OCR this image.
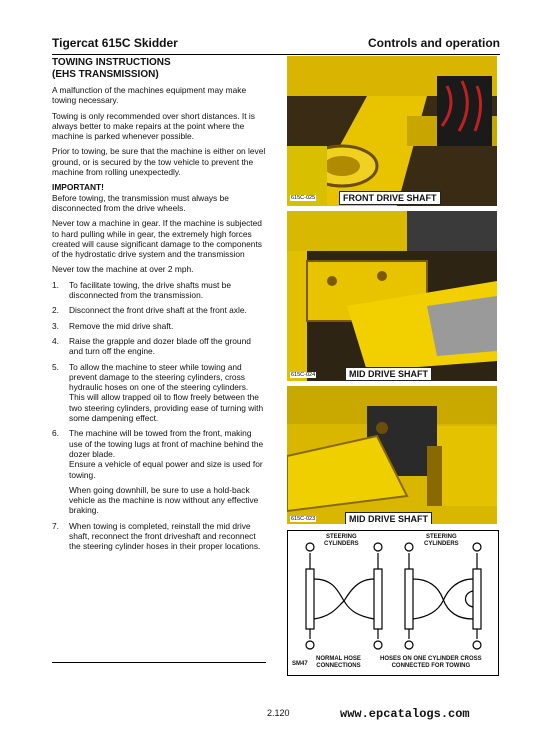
Tigercat 615C Skidder	Controls and operation
TOWING INSTRUCTIONS
(EHS TRANSMISSION)

A malfunction of the machines equipment may make towing necessary.

Towing is only recommended over short distances. It is always better to make repairs at the point where the machine is parked whenever possible.

Prior to towing, be sure that the machine is either on level ground, or is secured by the tow vehicle to prevent the machine from rolling unexpectedly.

IMPORTANT!

Before towing, the transmission must always be disconnected from the drive wheels.

Never tow a machine in gear. If the machine is subjected to hard pulling while in gear, the extremely high forces created will cause significant damage to the components of the hydrostatic drive system and the transmission

Never tow the machine at over 2 mph.

1. To facilitate towing, the drive shafts must be disconnected from the transmission.
2. Disconnect the front drive shaft at the front axle.
3. Remove the mid drive shaft.
4. Raise the grapple and dozer blade off the ground and turn off the engine.
5. To allow the machine to steer while towing and prevent damage to the steering cylinders, cross hydraulic hoses on one of the steering cylinders. This will allow trapped oil to flow freely between the two steering cylinders, providing ease of turning with some dampening effect.
6. The machine will be towed from the front, making use of the towing lugs at front of machine behind the dozer blade.

Ensure a vehicle of equal power and size is used for towing.

When going downhill, be sure to use a hold-back vehicle as the machine is now without any effective braking.

7. When towing is completed, reinstall the mid drive shaft, reconnect the front driveshaft and reconnect the steering cylinder hoses in their proper locations.
615C-025	FRONT DRIVE SHAFT
615C-024	MID DRIVE SHAFT
615C-023	MID DRIVE SHAFT
STEERING
CYLINDERS
STEERING
CYLINDERS
SM47
NORMAL HOSE
CONNECTIONS
HOSES ON ONE CYLINDER CROSS
CONNECTED FOR TOWING
2.120	www.epcatalogs.com
